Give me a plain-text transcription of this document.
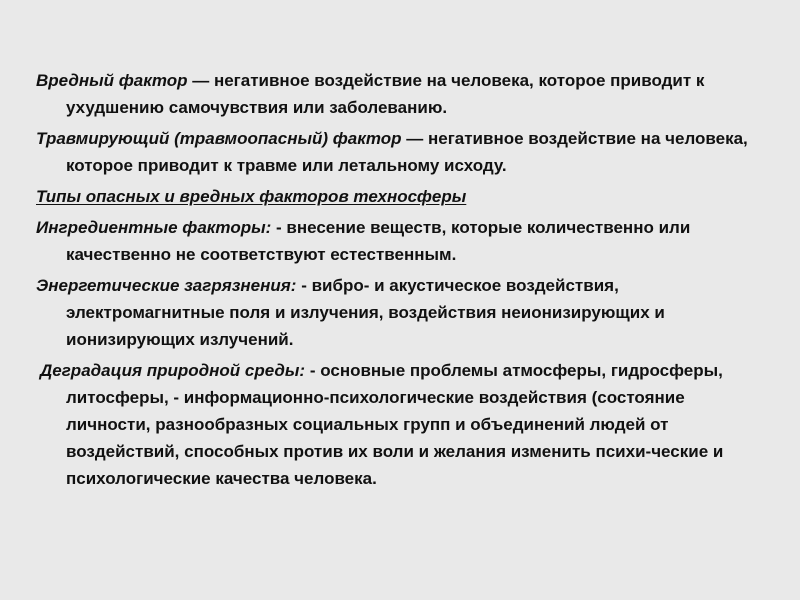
Вредный фактор — негативное воздействие на человека, которое приводит к ухудшению самочувствия или заболеванию.

Травмирующий (травмоопасный) фактор — негативное воздействие на человека, которое приводит к травме или летальному исходу.

Типы опасных и вредных факторов техносферы

Ингредиентные факторы: - внесение веществ, которые количественно или качественно не соответствуют естественным.

Энергетические загрязнения: - вибро- и акустическое воздействия, электромагнитные поля и излучения, воздействия неионизирующих и ионизирующих излучений.

Деградация природной среды: - основные проблемы атмосферы, гидросферы, литосферы, - информационно-психологические воздействия (состояние личности, разнообразных социальных групп и объединений людей от воздействий, способных против их воли и желания изменить психи-ческие и психологические качества человека.
